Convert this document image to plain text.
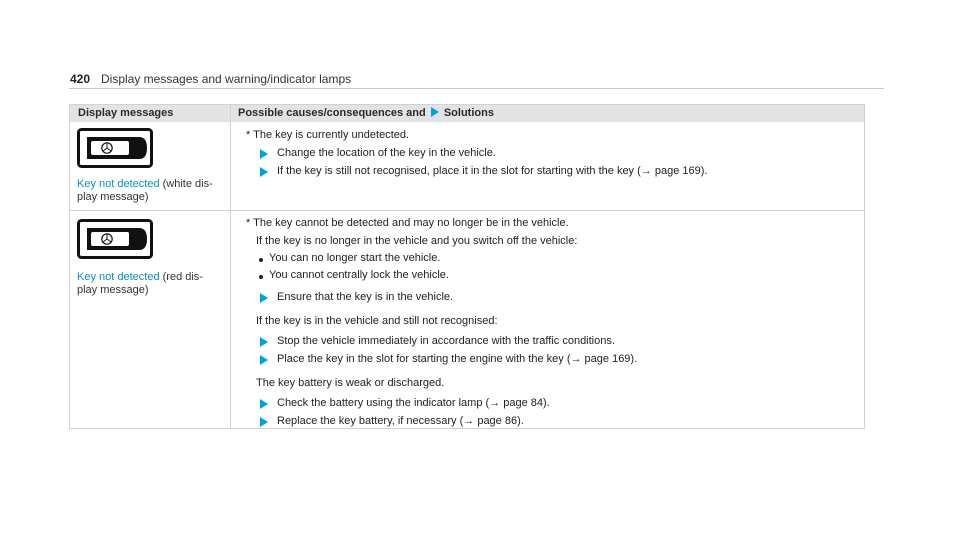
420 Display messages and warning/indicator lamps
Display messages	Possible causes/consequences and Solutions
Key not detected (white dis-
play message)
* The key is currently undetected.
Change the location of the key in the vehicle.
If the key is still not recognised, place it in the slot for starting with the key (→ page 169).
Key not detected (red dis-
play message)
* The key cannot be detected and may no longer be in the vehicle.
If the key is no longer in the vehicle and you switch off the vehicle:
You can no longer start the vehicle.
You cannot centrally lock the vehicle.
Ensure that the key is in the vehicle.
If the key is in the vehicle and still not recognised:
Stop the vehicle immediately in accordance with the traffic conditions.
Place the key in the slot for starting the engine with the key (→ page 169).
The key battery is weak or discharged.
Check the battery using the indicator lamp (→ page 84).
Replace the key battery, if necessary (→ page 86).
